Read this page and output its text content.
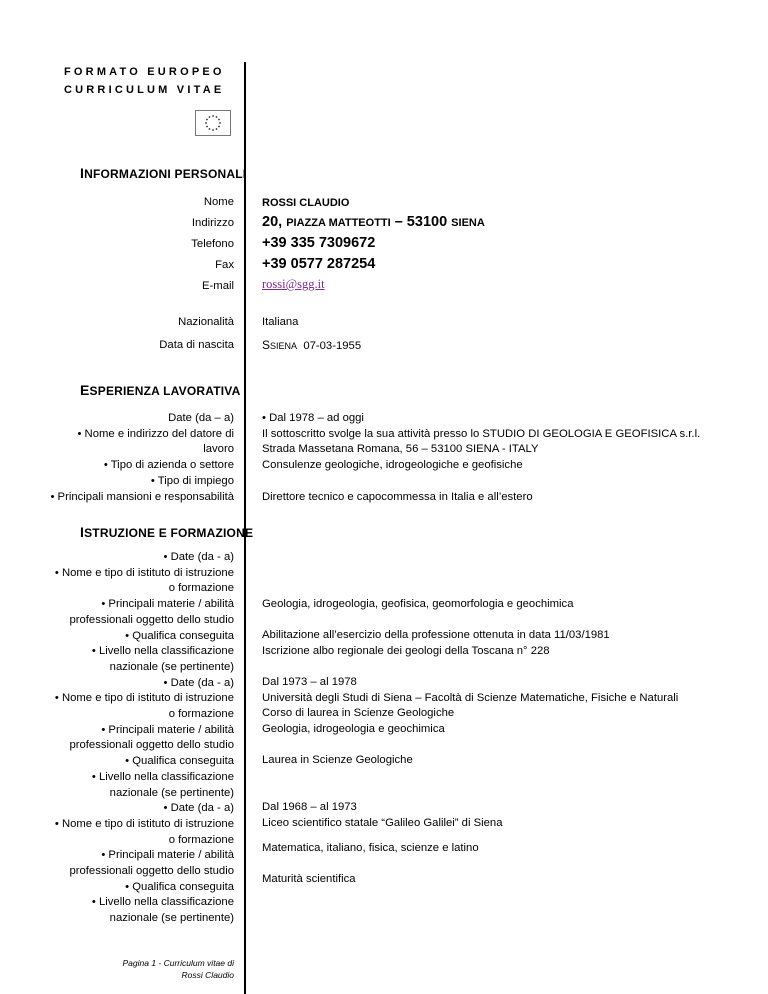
FORMATO EUROPEO
CURRICULUM VITAE
INFORMAZIONI PERSONALI
Nome	ROSSI CLAUDIO
Indirizzo 20, PIAZZA MATTEOTTI – 53100 SIENA
Telefono +39 335 7309672
Fax +39 0577 287254
E-mail rossi@sgg.it
Nazionalità Italiana
Data di nascita SSIENA 07-03-1955
ESPERIENZA LAVORATIVA
Date (da – a)
• Nome e indirizzo del datore di
lavoro
• Tipo di azienda o settore
• Tipo di impiego
• Principali mansioni e responsabilità
• Dal 1978 – ad oggi
Il sottoscritto svolge la sua attività presso lo STUDIO DI GEOLOGIA E GEOFISICA s.r.l.
Strada Massetana Romana, 56 – 53100 SIENA - ITALY
Consulenze geologiche, idrogeologiche e geofisiche
Direttore tecnico e capocommessa in Italia e all’estero
ISTRUZIONE E FORMAZIONE
• Date (da - a)
• Nome e tipo di istituto di istruzione
o formazione
• Principali materie / abilità
professionali oggetto dello studio
• Qualifica conseguita
• Livello nella classificazione
nazionale (se pertinente)
• Date (da - a)
• Nome e tipo di istituto di istruzione
o formazione
• Principali materie / abilità
professionali oggetto dello studio
• Qualifica conseguita
• Livello nella classificazione
nazionale (se pertinente)
• Date (da - a)
• Nome e tipo di istituto di istruzione
o formazione
• Principali materie / abilità
professionali oggetto dello studio
• Qualifica conseguita
• Livello nella classificazione
nazionale (se pertinente)
Geologia, idrogeologia, geofisica, geomorfologia e geochimica
Abilitazione all’esercizio della professione ottenuta in data 11/03/1981
Iscrizione albo regionale dei geologi della Toscana n° 228
Dal 1973 – al 1978
Università degli Studi di Siena – Facoltà di Scienze Matematiche, Fisiche e Naturali
Corso di laurea in Scienze Geologiche
Geologia, idrogeologia e geochimica
Laurea in Scienze Geologiche
Dal 1968 – al 1973
Liceo scientifico statale “Galileo Galilei” di Siena
Matematica, italiano, fisica, scienze e latino
Maturità scientifica
Pagina 1 - Curriculum vitae di
Rossi Claudio
